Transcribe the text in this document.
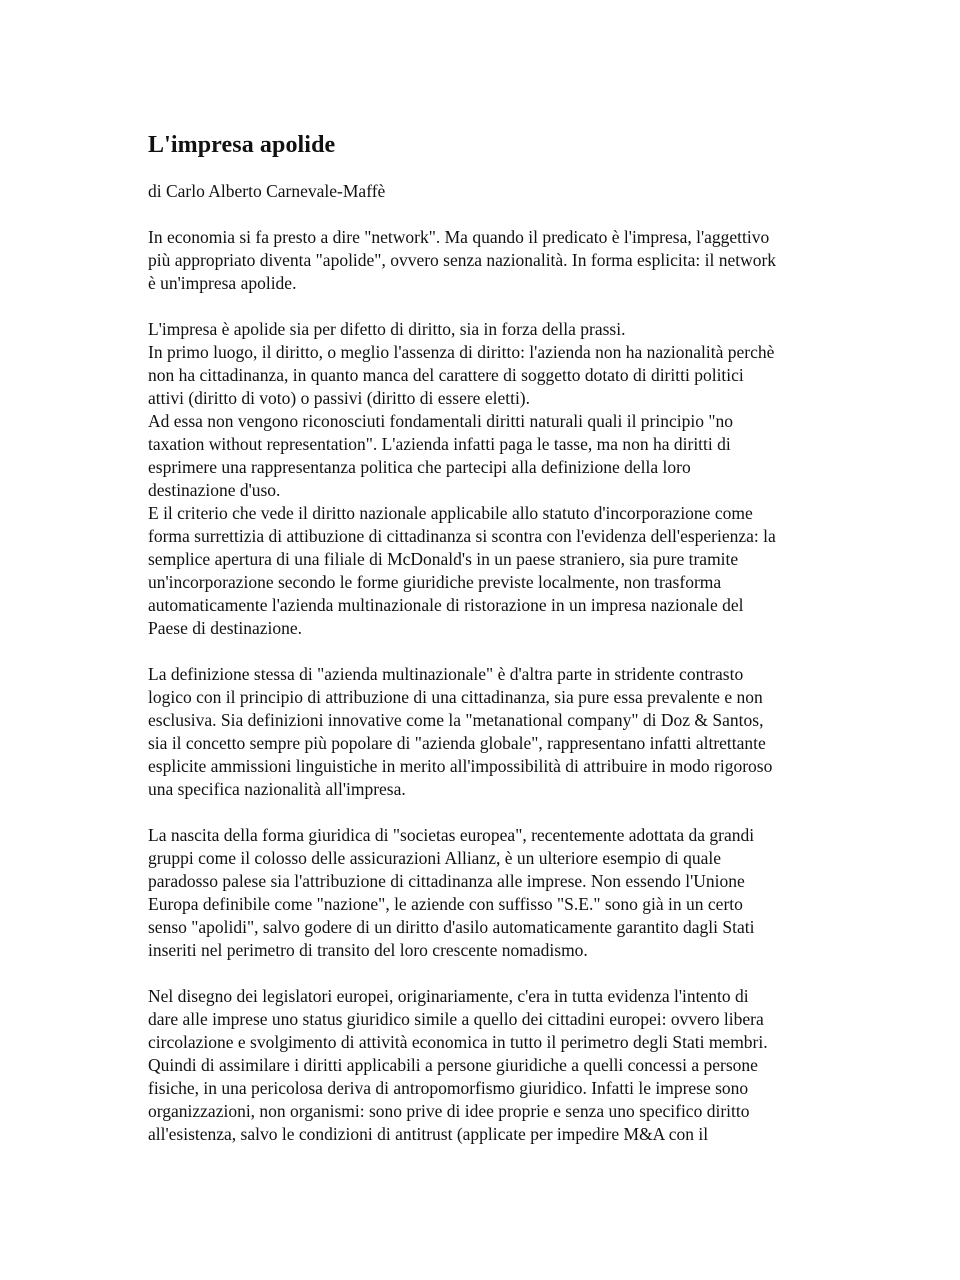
L'impresa apolide

di Carlo Alberto Carnevale-Maffè

In economia si fa presto a dire "network". Ma quando il predicato è l'impresa, l'aggettivo
più appropriato diventa "apolide", ovvero senza nazionalità. In forma esplicita: il network
è un'impresa apolide.

L'impresa è apolide sia per difetto di diritto, sia in forza della prassi.
In primo luogo, il diritto, o meglio l'assenza di diritto: l'azienda non ha nazionalità perchè
non ha cittadinanza, in quanto manca del carattere di soggetto dotato di diritti politici
attivi (diritto di voto) o passivi (diritto di essere eletti).
Ad essa non vengono riconosciuti fondamentali diritti naturali quali il principio "no
taxation without representation". L'azienda infatti paga le tasse, ma non ha diritti di
esprimere una rappresentanza politica che partecipi alla definizione della loro
destinazione d'uso.
E il criterio che vede il diritto nazionale applicabile allo statuto d'incorporazione come
forma surrettizia di attibuzione di cittadinanza si scontra con l'evidenza dell'esperienza: la
semplice apertura di una filiale di McDonald's in un paese straniero, sia pure tramite
un'incorporazione secondo le forme giuridiche previste localmente, non trasforma
automaticamente l'azienda multinazionale di ristorazione in un impresa nazionale del
Paese di destinazione.

La definizione stessa di "azienda multinazionale" è d'altra parte in stridente contrasto
logico con il principio di attribuzione di una cittadinanza, sia pure essa prevalente e non
esclusiva. Sia definizioni innovative come la "metanational company" di Doz & Santos,
sia il concetto sempre più popolare di "azienda globale", rappresentano infatti altrettante
esplicite ammissioni linguistiche in merito all'impossibilità di attribuire in modo rigoroso
una specifica nazionalità all'impresa.

La nascita della forma giuridica di "societas europea", recentemente adottata da grandi
gruppi come il colosso delle assicurazioni Allianz, è un ulteriore esempio di quale
paradosso palese sia l'attribuzione di cittadinanza alle imprese. Non essendo l'Unione
Europa definibile come "nazione", le aziende con suffisso "S.E." sono già in un certo
senso "apolidi", salvo godere di un diritto d'asilo automaticamente garantito dagli Stati
inseriti nel perimetro di transito del loro crescente nomadismo.

Nel disegno dei legislatori europei, originariamente, c'era in tutta evidenza l'intento di
dare alle imprese uno status giuridico simile a quello dei cittadini europei: ovvero libera
circolazione e svolgimento di attività economica in tutto il perimetro degli Stati membri.
Quindi di assimilare i diritti applicabili a persone giuridiche a quelli concessi a persone
fisiche, in una pericolosa deriva di antropomorfismo giuridico. Infatti le imprese sono
organizzazioni, non organismi: sono prive di idee proprie e senza uno specifico diritto
all'esistenza, salvo le condizioni di antitrust (applicate per impedire M&A con il
